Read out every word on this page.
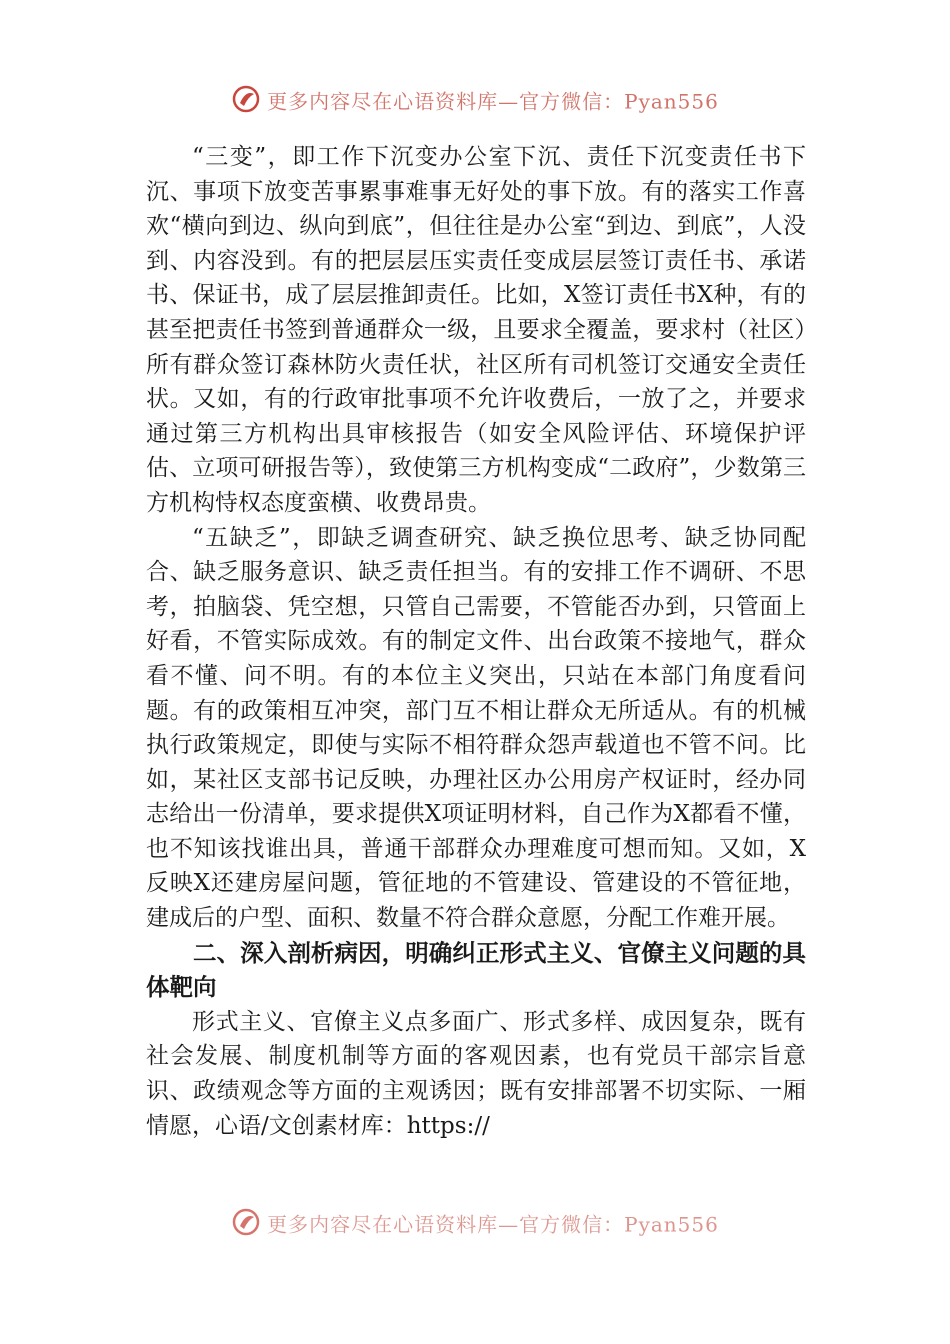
更多内容尽在心语资料库—官方微信：Pyan556

“三变”，即工作下沉变办公室下沉、责任下沉变责任书下沉、事项下放变苦事累事难事无好处的事下放。有的落实工作喜欢“横向到边、纵向到底”，但往往是办公室“到边、到底”，人没到、内容没到。有的把层层压实责任变成层层签订责任书、承诺书、保证书，成了层层推卸责任。比如，X签订责任书X种，有的甚至把责任书签到普通群众一级，且要求全覆盖，要求村（社区）所有群众签订森林防火责任状，社区所有司机签订交通安全责任状。又如，有的行政审批事项不允许收费后，一放了之，并要求通过第三方机构出具审核报告（如安全风险评估、环境保护评估、立项可研报告等），致使第三方机构变成“二政府”，少数第三方机构恃权态度蛮横、收费昂贵。

“五缺乏”，即缺乏调查研究、缺乏换位思考、缺乏协同配合、缺乏服务意识、缺乏责任担当。有的安排工作不调研、不思考，拍脑袋、凭空想，只管自己需要，不管能否办到，只管面上好看，不管实际成效。有的制定文件、出台政策不接地气，群众看不懂、问不明。有的本位主义突出，只站在本部门角度看问题。有的政策相互冲突，部门互不相让群众无所适从。有的机械执行政策规定，即使与实际不相符群众怨声载道也不管不问。比如，某社区支部书记反映，办理社区办公用房产权证时，经办同志给出一份清单，要求提供X项证明材料，自己作为X都看不懂，也不知该找谁出具，普通干部群众办理难度可想而知。又如，X反映X还建房屋问题，管征地的不管建设、管建设的不管征地，建成后的户型、面积、数量不符合群众意愿，分配工作难开展。

二、深入剖析病因，明确纠正形式主义、官僚主义问题的具体靶向

形式主义、官僚主义点多面广、形式多样、成因复杂，既有社会发展、制度机制等方面的客观因素，也有党员干部宗旨意识、政绩观念等方面的主观诱因；既有安排部署不切实际、一厢情愿，心语/文创素材库：https://

更多内容尽在心语资料库—官方微信：Pyan556
